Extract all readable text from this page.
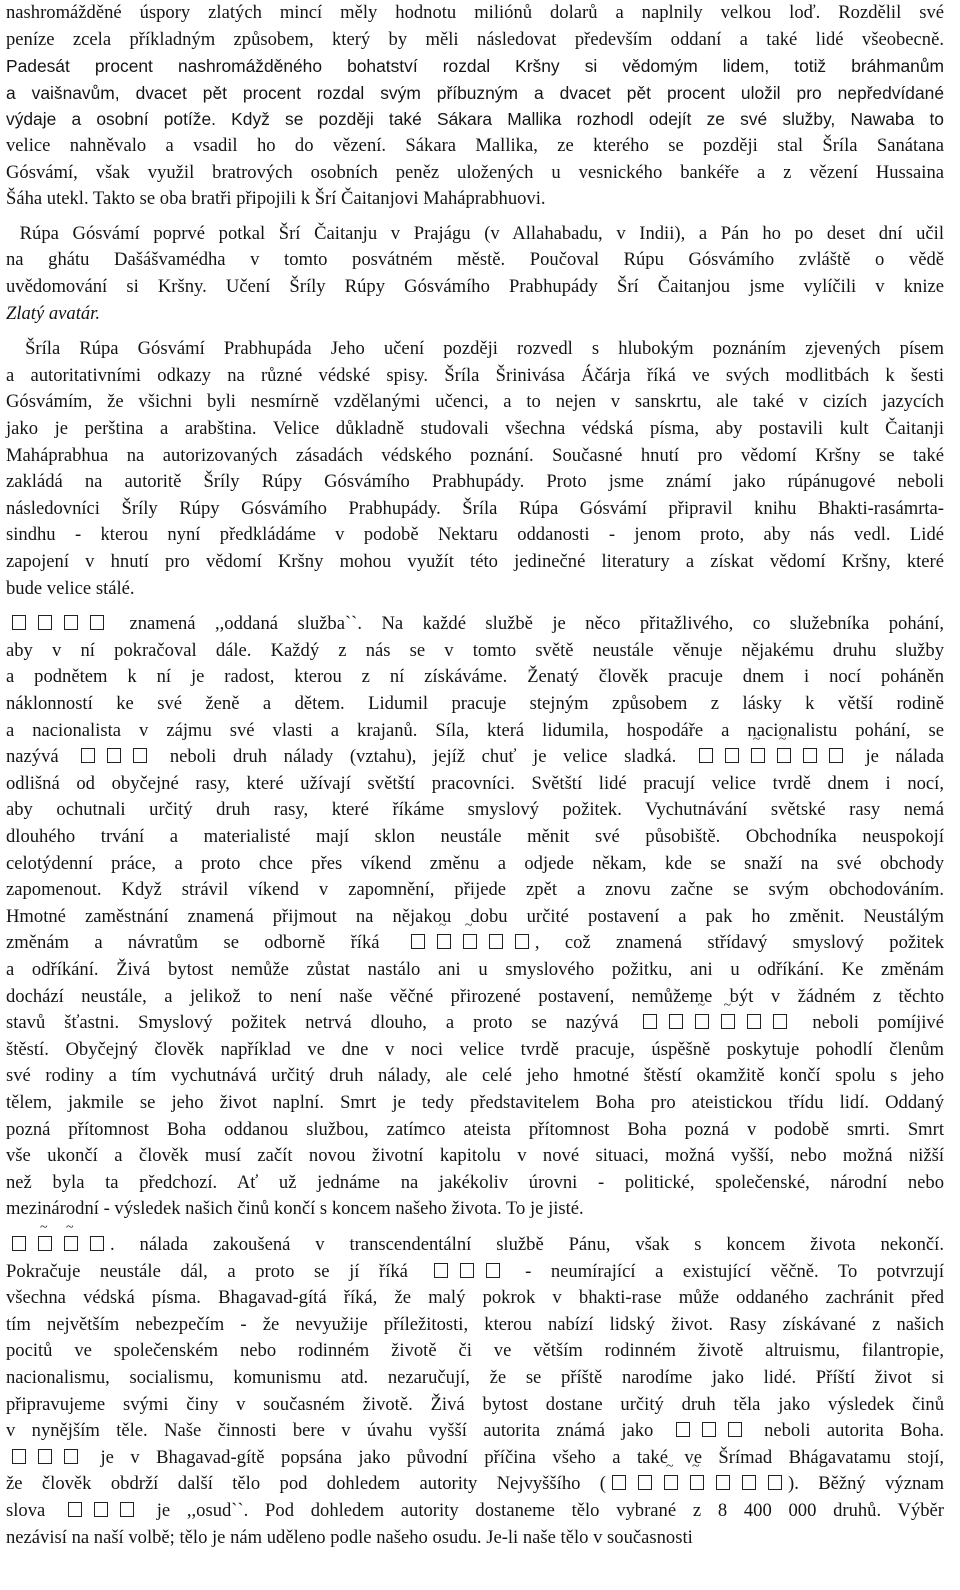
nashromážděné úspory zlatých mincí měly hodnotu miliónů dolarů a naplnily velkou loď. Rozdělil své
peníze zcela příkladným způsobem, který by měli následovat především oddaní a také lidé všeobecně.
Padesát procent nashromážděného bohatství rozdal Kršny si vědomým lidem, totiž bráhmanům
a vaišnavům, dvacet pět procent rozdal svým příbuzným a dvacet pět procent uložil pro nepředvídané
výdaje a osobní potíže. Když se později také Sákara Mallika rozhodl odejít ze své služby, Nawaba to
velice nahněvalo a vsadil ho do vězení. Sákara Mallika, ze kterého se později stal Šríla Sanátana
Gósvámí, však využil bratrových osobních peněz uložených u vesnického bankéře a z vězení Hussaina
Šáha utekl. Takto se oba bratři připojili k Šrí Čaitanjovi Maháprabhuovi.
Rúpa Gósvámí poprvé potkal Šrí Čaitanju v Prajágu (v Allahabadu, v Indii), a Pán ho po deset dní učil
na ghátu Dašášvamédha v tomto posvátném městě. Poučoval Rúpu Gósvámího zvláště o vědě
uvědomování si Kršny. Učení Šríly Rúpy Gósvámího Prabhupády Šrí Čaitanjou jsme vylíčili v knize
Zlatý avatár.
Šríla Rúpa Gósvámí Prabhupáda Jeho učení později rozvedl s hlubokým poznáním zjevených písem
a autoritativními odkazy na různé védské spisy. Šríla Šrinivása Áčárja říká ve svých modlitbách k šesti
Gósvámím, že všichni byli nesmírně vzdělanými učenci, a to nejen v sanskrtu, ale také v cizích jazycích
jako je perština a arabština. Velice důkladně studovali všechna védská písma, aby postavili kult Čaitanji
Maháprabhua na autorizovaných zásadách védského poznání. Současné hnutí pro vědomí Kršny se také
zakládá na autoritě Šríly Rúpy Gósvámího Prabhupády. Proto jsme známí jako rúpánugové neboli
následovníci Šríly Rúpy Gósvámího Prabhupády. Šríla Rúpa Gósvámí připravil knihu Bhakti-rasámrta-
sindhu - kterou nyní předkládáme v podobě Nektaru oddanosti - jenom proto, aby nás vedl. Lidé
zapojení v hnutí pro vědomí Kršny mohou využít této jedinečné literatury a získat vědomí Kršny, které
bude velice stálé.
znamená ,,oddaná služba``. Na každé službě je něco přitažlivého, co služebníka pohání,
aby v ní pokračoval dále. Každý z nás se v tomto světě neustále věnuje nějakému druhu služby
a podnětem k ní je radost, kterou z ní získáváme. Ženatý člověk pracuje dnem i nocí poháněn
náklonností ke své ženě a dětem. Lidumil pracuje stejným způsobem z lásky k větší rodině
a nacionalista v zájmu své vlasti a krajanů. Síla, která lidumila, hospodáře a nacionalistu pohání, se
nazývá	neboli druh nálady (vztahu), jejíž chuť je velice sladká. ~ ~	je nálada
odlišná od obyčejné rasy, které užívají světští pracovníci. Světští lidé pracují velice tvrdě dnem i nocí,
aby ochutnali určitý druh rasy, které říkáme smyslový požitek. Vychutnávání světské rasy nemá
dlouhého trvání a materialisté mají sklon neustále měnit své působiště. Obchodníka neuspokojí
celotýdenní práce, a proto chce přes víkend změnu a odjede někam, kde se snaží na své obchody
zapomenout. Když strávil víkend v zapomnění, přijede zpět a znovu začne se svým obchodováním.
Hmotné zaměstnání znamená přijmout na nějakou dobu určité postavení a pak ho změnit. Neustálým
změnám a návratům se odborně říká ~ ~	, což znamená střídavý smyslový požitek
a odříkání. Živá bytost nemůže zůstat nastálo ani u smyslového požitku, ani u odříkání. Ke změnám
dochází neustále, a jelikož to není naše věčné přirozené postavení, nemůžeme být v žádném z těchto
stavů šťastni. Smyslový požitek netrvá dlouho, a proto se nazývá ~ ~	neboli pomíjivé
štěstí. Obyčejný člověk například ve dne v noci velice tvrdě pracuje, úspěšně poskytuje pohodlí členům
své rodiny a tím vychutnává určitý druh nálady, ale celé jeho hmotné štěstí okamžitě končí spolu s jeho
tělem, jakmile se jeho život naplní. Smrt je tedy představitelem Boha pro ateistickou třídu lidí. Oddaný
pozná přítomnost Boha oddanou službou, zatímco ateista přítomnost Boha pozná v podobě smrti. Smrt
vše ukončí a člověk musí začít novou životní kapitolu v nové situaci, možná vyšší, nebo možná nižší
než byla ta předchozí. Ať už jednáme na jakékoliv úrovni - politické, společenské, národní nebo
mezinárodní - výsledek našich činů končí s koncem našeho života. To je jisté.
~ ~ . nálada zakoušená v transcendentální službě Pánu, však s koncem života nekončí.
Pokračuje neustále dál, a proto se jí říká	- neumírající a existující věčně. To potvrzují
všechna védská písma. Bhagavad-gítá říká, že malý pokrok v bhakti-rase může oddaného zachránit před
tím největším nebezpečím - že nevyužije příležitosti, kterou nabízí lidský život. Rasy získávané z našich
pocitů ve společenském nebo rodinném životě či ve větším rodinném životě altruismu, filantropie,
nacionalismu, socialismu, komunismu atd. nezaručují, že se příště narodíme jako lidé. Příští život si
připravujeme svými činy v současném životě. Živá bytost dostane určitý druh těla jako výsledek činů
v nynějším těle. Naše činnosti bere v úvahu vyšší autorita známá jako	neboli autorita Boha.
je v Bhagavad-gítě popsána jako původní příčina všeho a také ve Šrímad Bhágavatamu stojí,
že člověk obdrží další tělo pod dohledem autority Nejvyššího ( ~ ~	). Běžný význam
slova	je ,,osud``. Pod dohledem autority dostaneme tělo vybrané z 8 400 000 druhů. Výběr
nezávisí na naší volbě; tělo je nám uděleno podle našeho osudu. Je-li naše tělo v současnosti
